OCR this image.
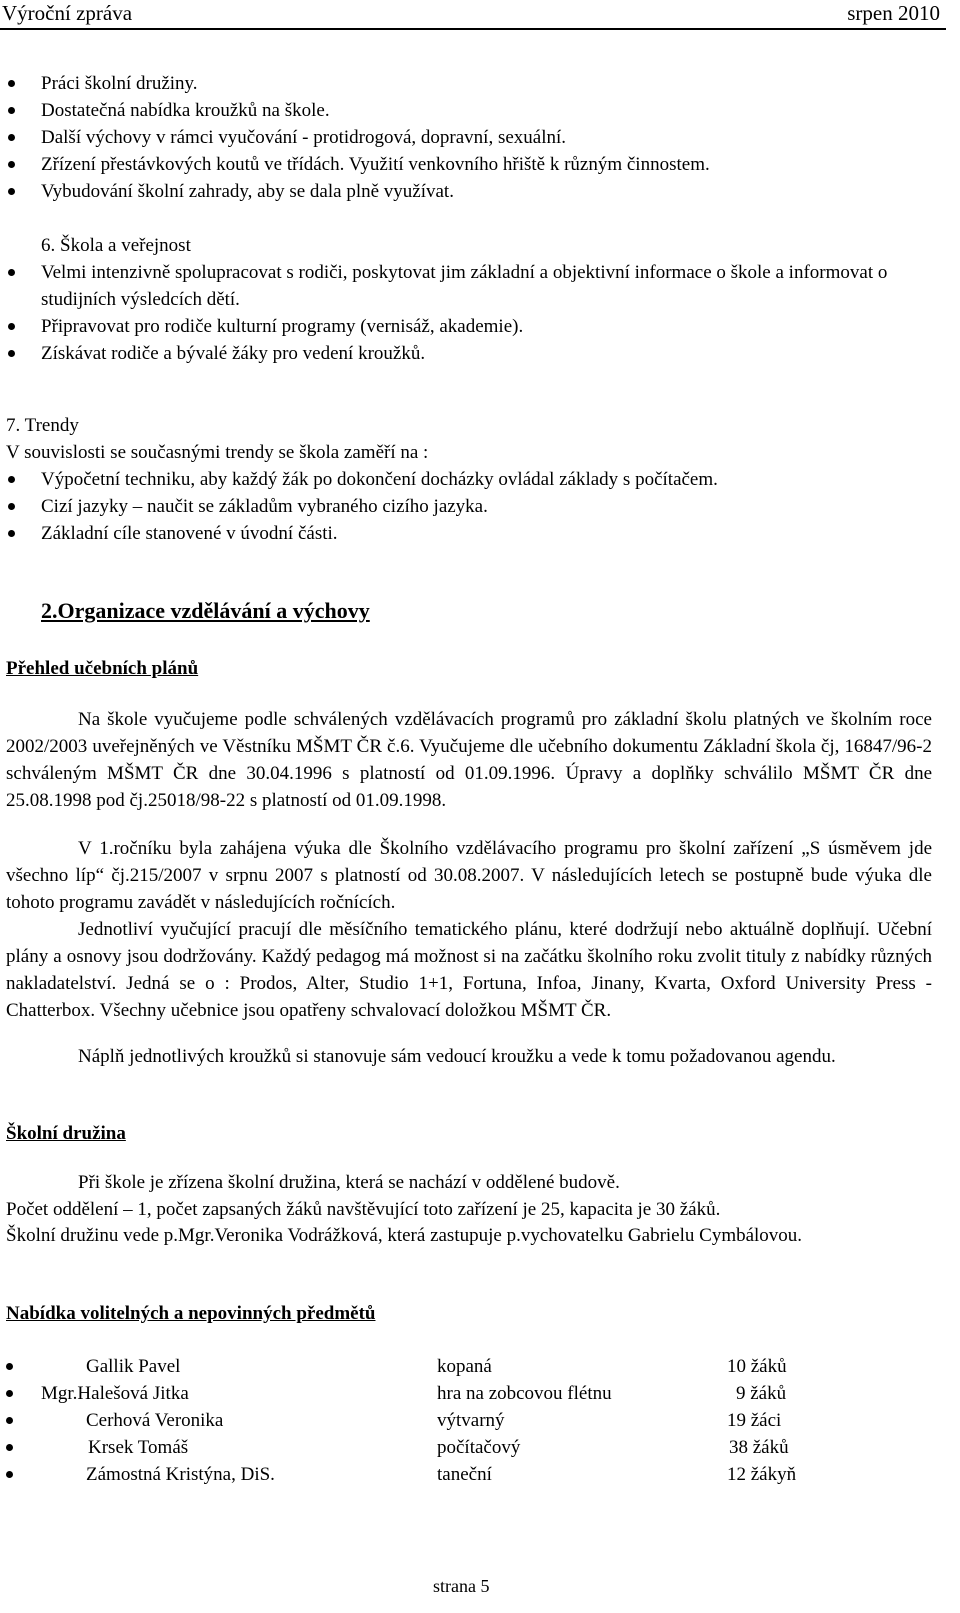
Výroční zpráva	srpen 2010
Práci školní družiny.
Dostatečná nabídka kroužků na škole.
Další výchovy v rámci vyučování - protidrogová, dopravní, sexuální.
Zřízení přestávkových koutů ve třídách. Využití venkovního hřiště k různým činnostem.
Vybudování školní zahrady, aby se dala plně využívat.
6. Škola a veřejnost
Velmi intenzivně spolupracovat s rodiči, poskytovat jim základní a objektivní informace o škole a informovat o studijních výsledcích dětí.
Připravovat pro rodiče kulturní programy (vernisáž, akademie).
Získávat rodiče a bývalé žáky pro vedení kroužků.
7. Trendy
V souvislosti se současnými trendy se škola zaměří na :
Výpočetní techniku, aby každý žák po dokončení docházky ovládal základy s počítačem.
Cizí jazyky – naučit se základům vybraného cizího jazyka.
Základní cíle stanovené v úvodní části.
2.Organizace vzdělávání a výchovy
Přehled učebních plánů
Na škole vyučujeme podle schválených vzdělávacích programů pro základní školu platných ve školním roce 2002/2003 uveřejněných ve Věstníku MŠMT ČR č.6. Vyučujeme dle učebního dokumentu Základní škola čj, 16847/96-2 schváleným MŠMT ČR dne 30.04.1996 s platností od 01.09.1996. Úpravy a doplňky schválilo MŠMT ČR dne 25.08.1998 pod čj.25018/98-22 s platností od 01.09.1998.
V 1.ročníku byla zahájena výuka dle Školního vzdělávacího programu pro školní zařízení „S úsměvem jde všechno líp“ čj.215/2007 v srpnu 2007 s platností od 30.08.2007. V následujících letech se postupně bude výuka dle tohoto programu zavádět v následujících ročnících.
Jednotliví vyučující pracují dle měsíčního tematického plánu, které dodržují nebo aktuálně doplňují. Učební plány a osnovy jsou dodržovány. Každý pedagog má možnost si na začátku školního roku zvolit tituly z nabídky různých nakladatelství. Jedná se o : Prodos, Alter, Studio 1+1, Fortuna, Infoa, Jinany, Kvarta, Oxford University Press - Chatterbox. Všechny učebnice jsou opatřeny schvalovací doložkou MŠMT ČR.
Náplň jednotlivých kroužků si stanovuje sám vedoucí kroužku a vede k tomu požadovanou agendu.
Školní družina
Při škole je zřízena školní družina, která se nachází v oddělené budově.
Počet oddělení – 1, počet zapsaných žáků navštěvující toto zařízení je 25, kapacita je 30 žáků.
Školní družinu vede p.Mgr.Veronika Vodrážková, která zastupuje p.vychovatelku Gabrielu Cymbálovou.
Nabídka volitelných a nepovinných předmětů
Gallik Pavel	kopaná	10 žáků
Mgr.Halešová Jitka	hra na zobcovou flétnu	9 žáků
Cerhová Veronika	výtvarný	19 žáci
Krsek Tomáš	počítačový	38 žáků
Zámostná Kristýna, DiS.	taneční	12 žákyň
strana 5
